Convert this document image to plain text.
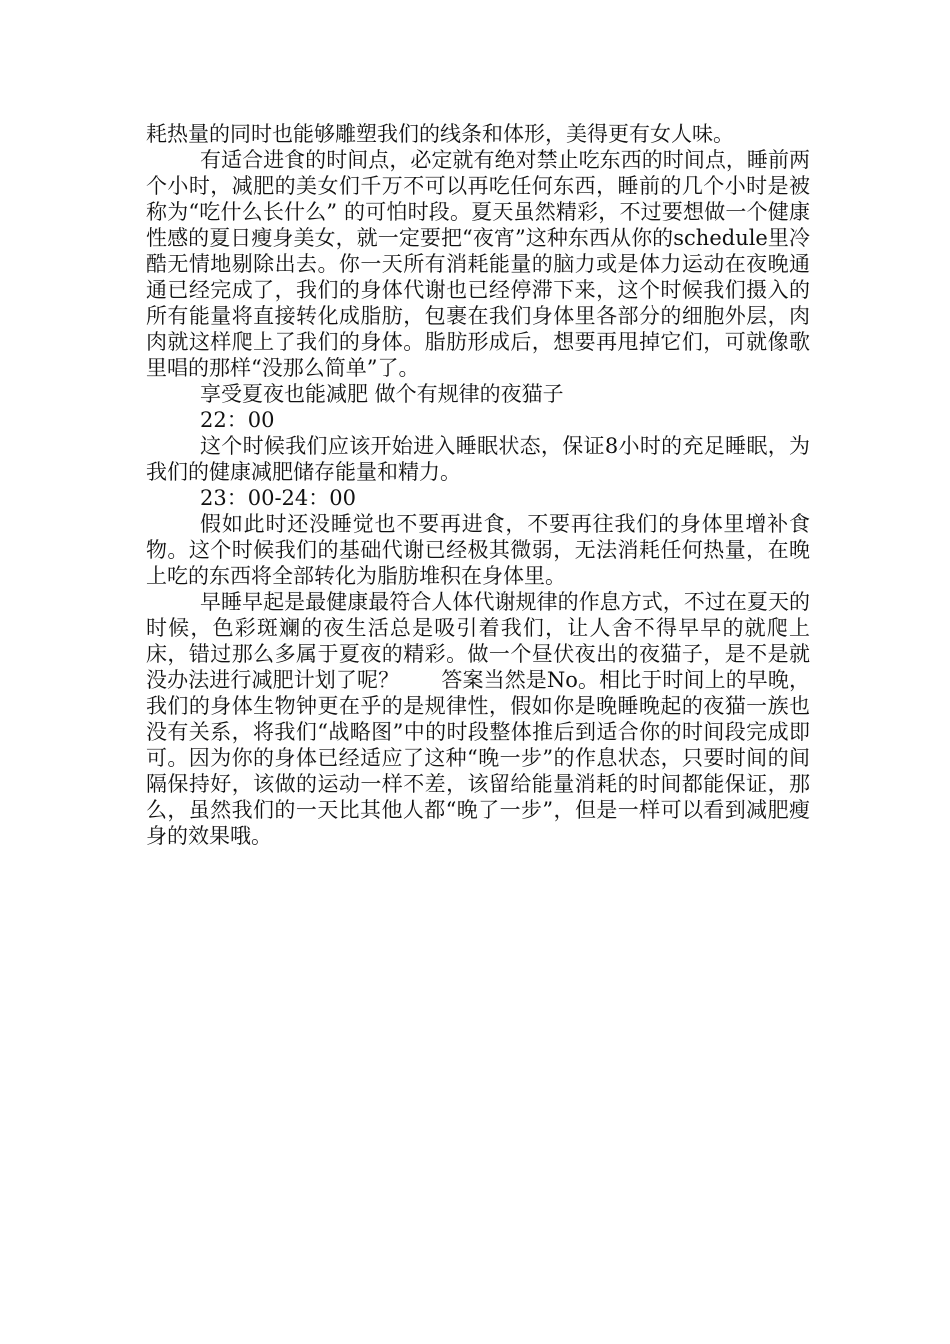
耗热量的同时也能够雕塑我们的线条和体形，美得更有女人味。

有适合进食的时间点，必定就有绝对禁止吃东西的时间点，睡前两个小时，减肥的美女们千万不可以再吃任何东西，睡前的几个小时是被称为“吃什么长什么” 的可怕时段。夏天虽然精彩，不过要想做一个健康性感的夏日瘦身美女，就一定要把“夜宵”这种东西从你的schedule里冷酷无情地剔除出去。你一天所有消耗能量的脑力或是体力运动在夜晚通通已经完成了，我们的身体代谢也已经停滞下来，这个时候我们摄入的所有能量将直接转化成脂肪，包裹在我们身体里各部分的细胞外层，肉肉就这样爬上了我们的身体。脂肪形成后，想要再甩掉它们，可就像歌里唱的那样“没那么简单”了。

享受夏夜也能减肥 做个有规律的夜猫子

22：00

这个时候我们应该开始进入睡眠状态，保证8小时的充足睡眠，为我们的健康减肥储存能量和精力。

23：00-24：00

假如此时还没睡觉也不要再进食，不要再往我们的身体里增补食物。这个时候我们的基础代谢已经极其微弱，无法消耗任何热量，在晚上吃的东西将全部转化为脂肪堆积在身体里。

早睡早起是最健康最符合人体代谢规律的作息方式，不过在夏天的时候，色彩斑斓的夜生活总是吸引着我们，让人舍不得早早的就爬上床，错过那么多属于夏夜的精彩。做一个昼伏夜出的夜猫子，是不是就没办法进行减肥计划了呢？　　答案当然是No。相比于时间上的早晚，我们的身体生物钟更在乎的是规律性，假如你是晚睡晚起的夜猫一族也没有关系，将我们“战略图”中的时段整体推后到适合你的时间段完成即可。因为你的身体已经适应了这种“晚一步”的作息状态，只要时间的间隔保持好，该做的运动一样不差，该留给能量消耗的时间都能保证，那么，虽然我们的一天比其他人都“晚了一步”，但是一样可以看到减肥瘦身的效果哦。
